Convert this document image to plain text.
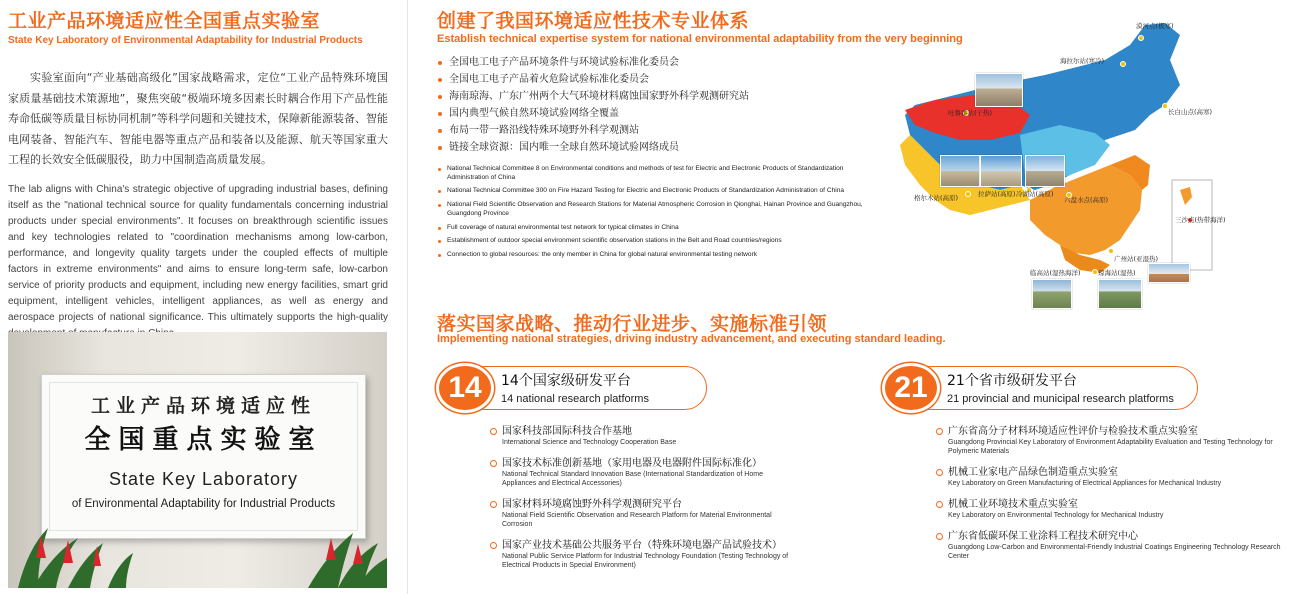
工业产品环境适应性全国重点实验室
State Key Laboratory of Environmental Adaptability for Industrial Products

实验室面向“产业基础高级化”国家战略需求，定位“工业产品特殊环境国家质量基础技术策源地”，聚焦突破“极端环境多因素长时耦合作用下产品性能寿命低碳等质量目标协同机制”等科学问题和关键技术，保障新能源装备、智能电网装备、智能汽车、智能电器等重点产品和装备以及能源、航天等国家重大工程的长效安全低碳服役，助力中国制造高质量发展。

The lab aligns with China's strategic objective of upgrading industrial bases, defining itself as the "national technical source for quality fundamentals concerning industrial products under special environments". It focuses on breakthrough scientific issues and key technologies related to "coordination mechanisms among low-carbon, performance, and longevity quality targets under the coupled effects of multiple factors in extreme environments" and aims to ensure long-term safe, low-carbon service of priority products and equipment, including new energy facilities, smart grid equipment, intelligent vehicles, intelligent appliances, as well as energy and aerospace projects of national significance. This ultimately supports the high-quality

工业产品环境适应性
全国重点实验室
State Key Laboratory
of Environmental Adaptability for Industrial Products
创建了我国环境适应性技术专业体系
Establish technical expertise system for national environmental adaptability from the very beginning
全国电工电子产品环境条件与环境试验标准化委员会
全国电工电子产品着火危险试验标准化委员会
海南琼海、广东广州两个大气环境材料腐蚀国家野外科学观测研究站
国内典型气候自然环境试验网络全覆盖
布局一带一路沿线特殊环境野外科学观测站
链接全球资源：国内唯一全球自然环境试验网络成员
National Technical Committee 8 on Environmental conditions and methods of test for Electric and Electronic Products of Standardization Administration of China
National Technical Committee 300 on Fire Hazard Testing for Electric and Electronic Products of Standardization Administration of China
National Field Scientific Observation and Research Stations for Material Atmospheric Corrosion in Qionghai, Hainan Province and Guangzhou, Guangdong Province
Full coverage of natural environmental test network for typical climates in China
Establishment of outdoor special environment scientific observation stations in the Belt and Road countries/regions
Connection to global resources: the only member in China for global natural environmental testing network
漠河点(极寒)
海拉尔站(寒冷)
长白山点(高寒)
吐鲁番站(干热)
格尔木站(高原)	拉萨站(高原) 冷湖站(高原)
六盘水点(高原)
广州站(亚湿热)
三沙点(热带海洋)
临高站(湿热海洋)	琼海站(湿热)
落实国家战略、推动行业进步、实施标准引领
Implementing national strategies, driving industry advancement, and executing standard leading.
14	14个国家级研发平台
14 national research platforms
国家科技部国际科技合作基地
International Science and Technology Cooperation Base
国家技术标准创新基地（家用电器及电器附件国际标准化）
National Technical Standard Innovation Base (International Standardization of Home Appliances and Electrical Accessories)
国家材料环境腐蚀野外科学观测研究平台
National Field Scientific Observation and Research Platform for Material Environmental Corrosion
国家产业技术基础公共服务平台（特殊环境电器产品试验技术）
National Public Service Platform for Industrial Technology Foundation (Testing Technology of Electrical Products in Special Environment)
21	21个省市级研发平台
21 provincial and municipal research platforms
广东省高分子材料环境适应性评价与检验技术重点实验室
Guangdong Provincial Key Laboratory of Environment Adaptability Evaluation and Testing Technology for Polymeric Materials
机械工业家电产品绿色制造重点实验室
Key Laboratory on Green Manufacturing of Electrical Appliances for Mechanical Industry
机械工业环境技术重点实验室
Key Laboratory on Environmental Technology for Mechanical Industry
广东省低碳环保工业涂料工程技术研究中心
Guangdong Low-Carbon and Environmental-Friendly Industrial Coatings Engineering Technology Research Center
